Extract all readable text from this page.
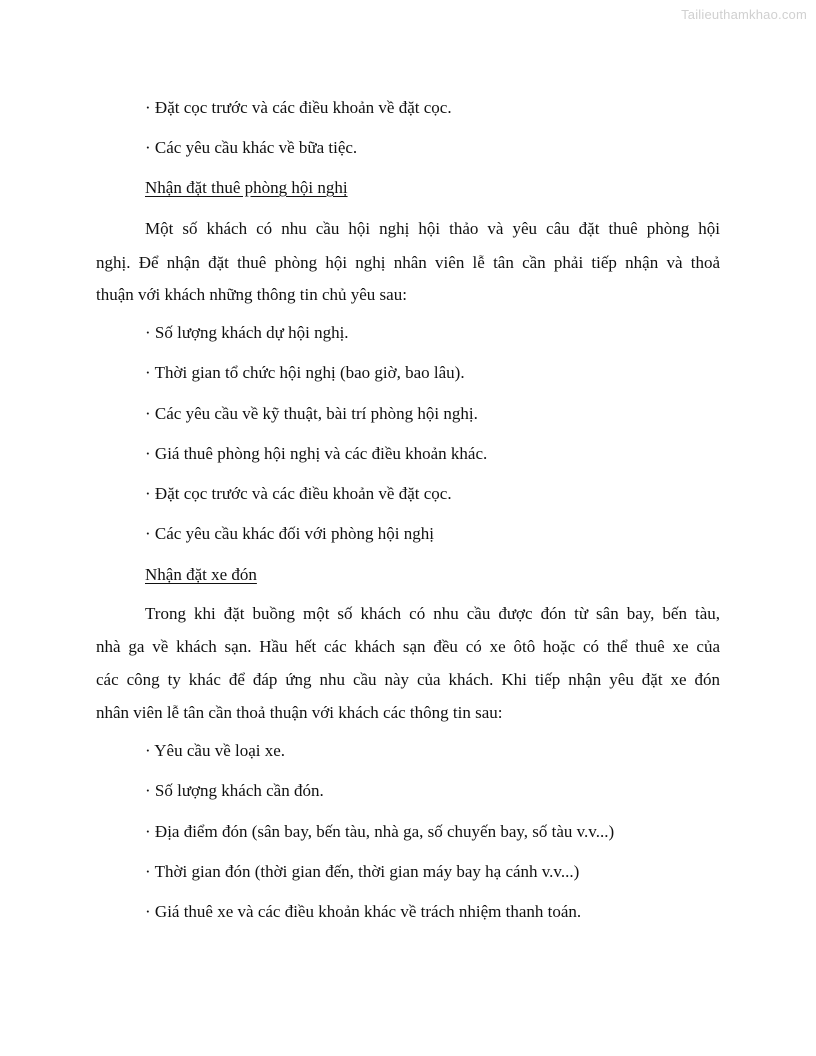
Tailieuthamkhao.com
· Đặt cọc trước và các điều khoản về đặt cọc.
· Các yêu cầu khác về bữa tiệc.
Nhận đặt thuê phòng hội nghị
Một số khách có nhu cầu hội nghị hội thảo và yêu câu đặt thuê phòng hội
nghị. Để nhận đặt thuê phòng hội nghị nhân viên lễ tân cần phải tiếp nhận và thoả
thuận với khách những thông tin chủ yêu sau:
· Số lượng khách dự hội nghị.
· Thời gian tổ chức hội nghị (bao giờ, bao lâu).
· Các yêu cầu về kỹ thuật, bài trí phòng hội nghị.
· Giá thuê phòng hội nghị và các điều khoản khác.
· Đặt cọc trước và các điều khoản về đặt cọc.
· Các yêu cầu khác đối với phòng hội nghị
Nhận đặt xe đón
Trong khi đặt buồng một số khách có nhu cầu được đón từ sân bay, bến tàu,
nhà ga về khách sạn. Hầu hết các khách sạn đều có xe ôtô hoặc có thể thuê xe của
các công ty khác để đáp ứng nhu cầu này của khách. Khi tiếp nhận yêu đặt xe đón
nhân viên lễ tân cần thoả thuận với khách các thông tin sau:
· Yêu cầu về loại xe.
· Số lượng khách cần đón.
· Địa điểm đón (sân bay, bến tàu, nhà ga, số chuyến bay, số tàu v.v...)
· Thời gian đón (thời gian đến, thời gian máy bay hạ cánh v.v...)
· Giá thuê xe và các điều khoản khác về trách nhiệm thanh toán.
